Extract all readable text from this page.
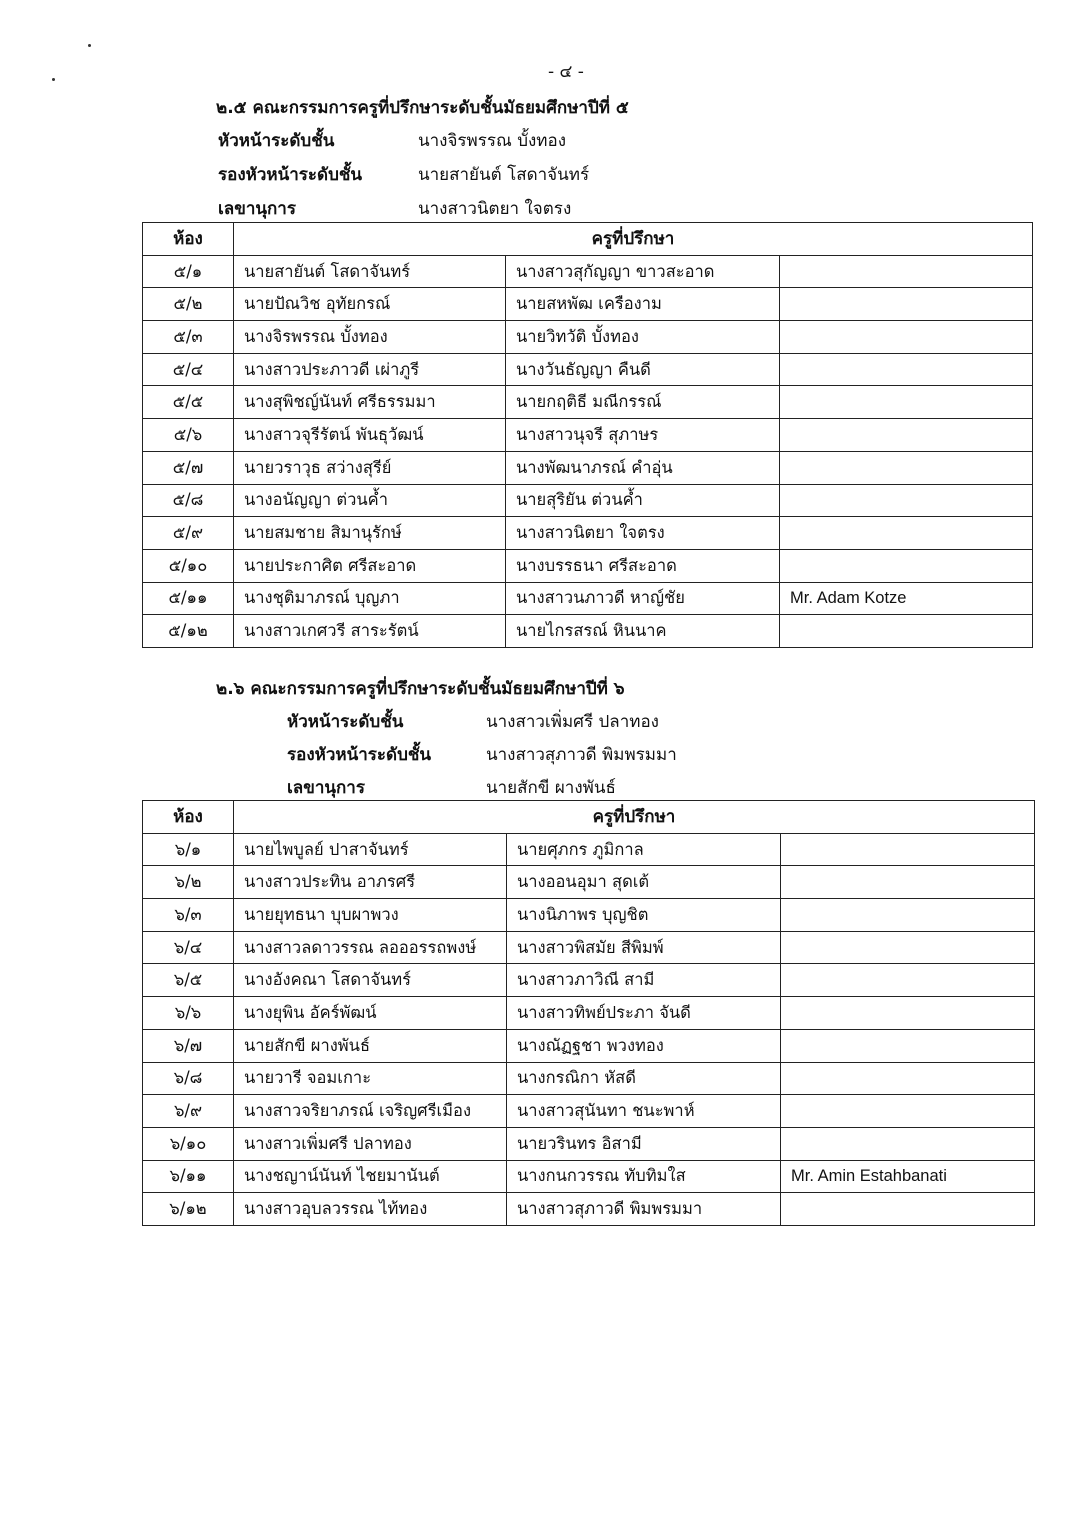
- ๔ -
๒.๕ คณะกรรมการครูที่ปรึกษาระดับชั้นมัธยมศึกษาปีที่ ๕
หัวหน้าระดับชั้น	นางจิรพรรณ บั้งทอง
รองหัวหน้าระดับชั้น	นายสายันต์ โสดาจันทร์
เลขานุการ	นางสาวนิตยา ใจตรง
ห้อง	ครูที่ปรึกษา		
๕/๑	นายสายันต์ โสดาจันทร์	นางสาวสุกัญญา ขาวสะอาด	
๕/๒	นายปัณวิช อุทัยกรณ์	นายสหพัฒ เครืองาม	
๕/๓	นางจิรพรรณ บั้งทอง	นายวิทวัติ บั้งทอง	
๕/๔	นางสาวประภาวดี เผ่าภูรี	นางวันธัญญา คืนดี	
๕/๕	นางสุพิชญ์นันท์ ศรีธรรมมา	นายกฤติธี มณีกรรณ์	
๕/๖	นางสาวจุรีรัตน์ พันธุวัฒน์	นางสาวนุจรี สุภาษร	
๕/๗	นายวราวุธ สว่างสุรีย์	นางพัฒนาภรณ์ คำอุ่น	
๕/๘	นางอนัญญา ต่วนค้ำ	นายสุริยัน ต่วนค้ำ	
๕/๙	นายสมชาย สิมานุรักษ์	นางสาวนิตยา ใจตรง	
๕/๑๐	นายประกาศิต ศรีสะอาด	นางบรรธนา ศรีสะอาด	
๕/๑๑	นางชุติมาภรณ์ บุญภา	นางสาวนภาวดี หาญ์ชัย	Mr. Adam Kotze
๕/๑๒	นางสาวเกศวรี สาระรัตน์	นายไกรสรณ์ หินนาค	
๒.๖ คณะกรรมการครูที่ปรึกษาระดับชั้นมัธยมศึกษาปีที่ ๖
หัวหน้าระดับชั้น	นางสาวเพิ่มศรี ปลาทอง
รองหัวหน้าระดับชั้น	นางสาวสุภาวดี พิมพรมมา
เลขานุการ	นายสักขี ผางพันธ์
ห้อง	ครูที่ปรึกษา		
๖/๑	นายไพบูลย์ ปาสาจันทร์	นายศุภกร ภูมิกาล	
๖/๒	นางสาวประทิน อาภรศรี	นางออนอุมา สุดเต้	
๖/๓	นายยุทธนา บุบผาพวง	นางนิภาพร บุญชิต	
๖/๔	นางสาวลดาวรรณ ลอออรรถพงษ์	นางสาวพิสมัย สีพิมพ์	
๖/๕	นางอังคณา โสดาจันทร์	นางสาวภาวิณี สามี	
๖/๖	นางยุพิน อัคร์พัฒน์	นางสาวทิพย์ประภา จันดี	
๖/๗	นายสักขี ผางพันธ์	นางณัฏฐชา พวงทอง	
๖/๘	นายวารี จอมเกาะ	นางกรณิกา หัสดี	
๖/๙	นางสาวจริยาภรณ์ เจริญศรีเมือง	นางสาวสุนันทา ชนะพาห์	
๖/๑๐	นางสาวเพิ่มศรี ปลาทอง	นายวรินทร อิสามี	
๖/๑๑	นางชญาน์นันท์ ไชยมานันต์	นางกนกวรรณ ทับทิมใส	Mr. Amin Estahbanati
๖/๑๒	นางสาวอุบลวรรณ ไท้ทอง	นางสาวสุภาวดี พิมพรมมา	
